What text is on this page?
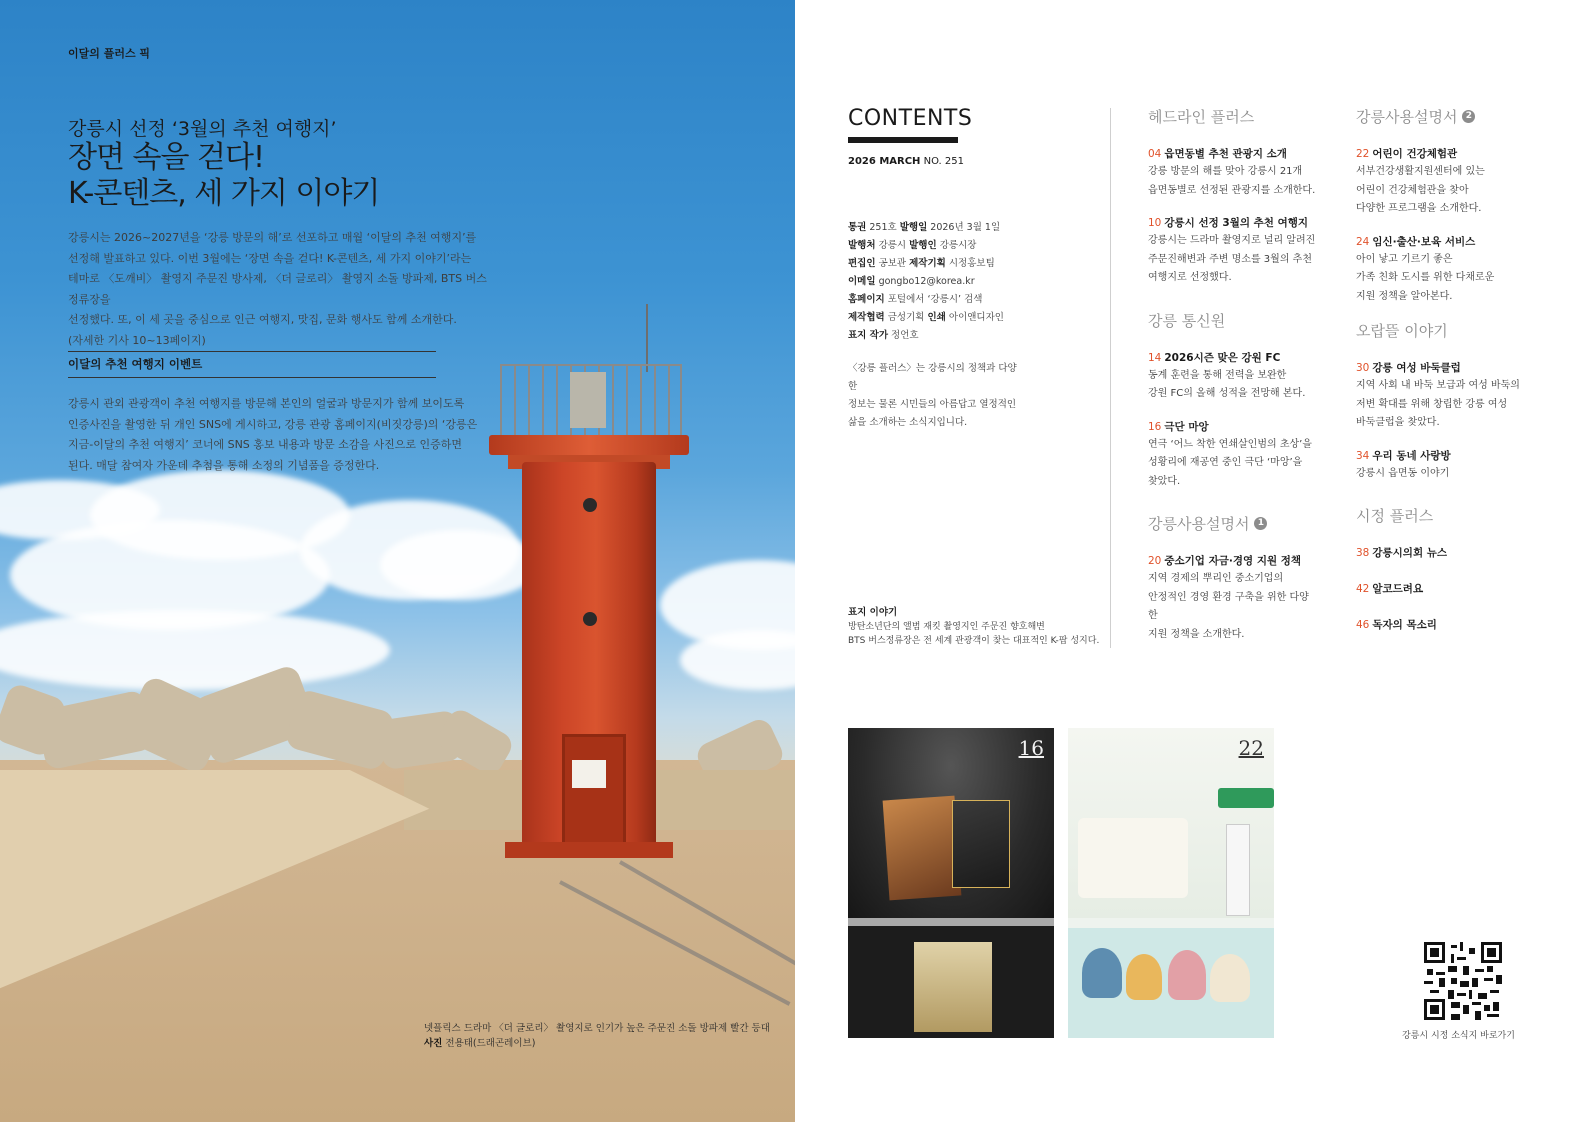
이달의 플러스 픽
강릉시 선정 ‘3월의 추천 여행지’
장면 속을 걷다!
K-콘텐츠, 세 가지 이야기
강릉시는 2026~2027년을 ‘강릉 방문의 해’로 선포하고 매월 ‘이달의 추천 여행지’를
선정해 발표하고 있다. 이번 3월에는 ‘장면 속을 걷다! K-콘텐츠, 세 가지 이야기’라는
테마로 〈도깨비〉 촬영지 주문진 방사제, 〈더 글로리〉 촬영지 소돌 방파제, BTS 버스정류장을
선정했다. 또, 이 세 곳을 중심으로 인근 여행지, 맛집, 문화 행사도 함께 소개한다.
(자세한 기사 10~13페이지)
이달의 추천 여행지 이벤트
강릉시 관외 관광객이 추천 여행지를 방문해 본인의 얼굴과 방문지가 함께 보이도록
인증사진을 촬영한 뒤 개인 SNS에 게시하고, 강릉 관광 홈페이지(비짓강릉)의 ‘강릉은
지금-이달의 추천 여행지’ 코너에 SNS 홍보 내용과 방문 소감을 사진으로 인증하면
된다. 매달 참여자 가운데 추첨을 통해 소정의 기념품을 증정한다.
넷플릭스 드라마 〈더 글로리〉 촬영지로 인기가 높은 주문진 소돌 방파제 빨간 등대
사진 전용태(드래곤레이브)
CONTENTS
2026 MARCH NO. 251
통권 251호 발행일 2026년 3월 1일
발행처 강릉시 발행인 강릉시장
편집인 공보관 제작기획 시정홍보팀
이메일 gongbo12@korea.kr
홈페이지 포털에서 ‘강릉시’ 검색
제작협력 금성기획 인쇄 아이앤디자인
표지 작가 정언호
〈강릉 플러스〉는 강릉시의 정책과 다양한
정보는 물론 시민들의 아름답고 열정적인
삶을 소개하는 소식지입니다.
표지 이야기
방탄소년단의 앨범 재킷 촬영지인 주문진 향호해변
BTS 버스정류장은 전 세계 관광객이 찾는 대표적인 K-팝 성지다.
헤드라인 플러스
04 읍면동별 추천 관광지 소개
강릉 방문의 해를 맞아 강릉시 21개
읍면동별로 선정된 관광지를 소개한다.
10 강릉시 선정 3월의 추천 여행지
강릉시는 드라마 촬영지로 널리 알려진
주문진해변과 주변 명소를 3월의 추천
여행지로 선정했다.
강릉 통신원
14 2026시즌 맞은 강원 FC
동계 훈련을 통해 전력을 보완한
강원 FC의 올해 성적을 전망해 본다.
16 극단 마앙
연극 ‘어느 착한 연쇄살인범의 초상’을
성황리에 재공연 중인 극단 ‘마앙’을
찾았다.
강릉사용설명서 1
20 중소기업 자금·경영 지원 정책
지역 경제의 뿌리인 중소기업의
안정적인 경영 환경 구축을 위한 다양한
지원 정책을 소개한다.
강릉사용설명서 2
22 어린이 건강체험관
서부건강생활지원센터에 있는
어린이 건강체험관을 찾아
다양한 프로그램을 소개한다.
24 임신·출산·보육 서비스
아이 낳고 기르기 좋은
가족 친화 도시를 위한 다채로운
지원 정책을 알아본다.
오랍뜰 이야기
30 강릉 여성 바둑클럽
지역 사회 내 바둑 보급과 여성 바둑의
저변 확대를 위해 창립한 강릉 여성
바둑클럽을 찾았다.
34 우리 동네 사랑방
강릉시 읍면동 이야기
시정 플러스
38 강릉시의회 뉴스
42 알코드려요
46 독자의 목소리
16	22
강릉시 시정 소식지 바로가기
